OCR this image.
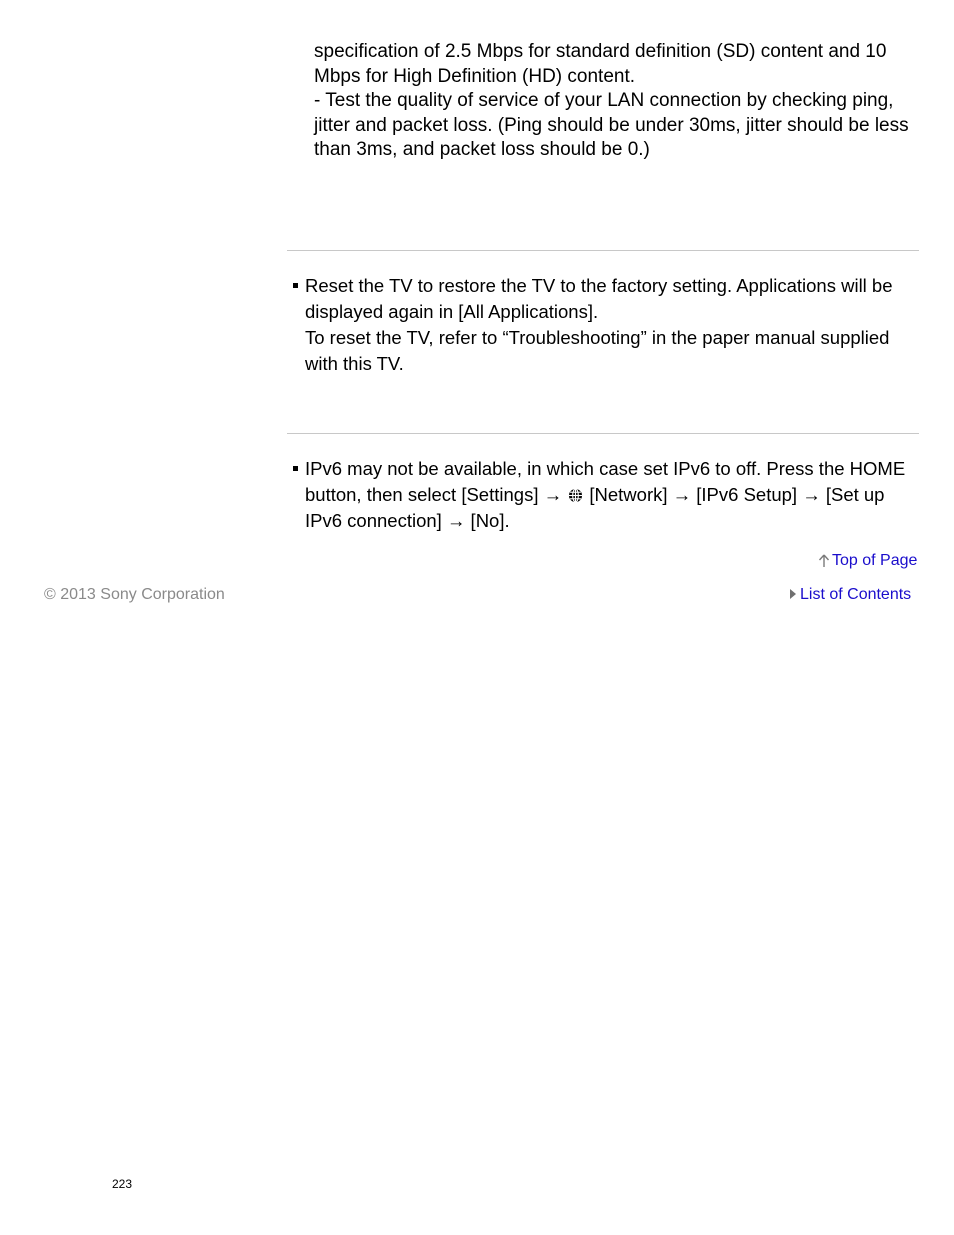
specification of 2.5 Mbps for standard definition (SD) content and 10 Mbps for High Definition (HD) content.

- Test the quality of service of your LAN connection by checking ping, jitter and packet loss. (Ping should be under 30ms, jitter should be less than 3ms, and packet loss should be 0.)

Reset the TV to restore the TV to the factory setting. Applications will be displayed again in [All Applications].

To reset the TV, refer to “Troubleshooting” in the paper manual supplied with this TV.

IPv6 may not be available, in which case set IPv6 to off. Press the HOME button, then select [Settings] →  [Network] → [IPv6 Setup] → [Set up IPv6 connection] → [No].

Top of Page
List of Contents
© 2013 Sony Corporation
223
